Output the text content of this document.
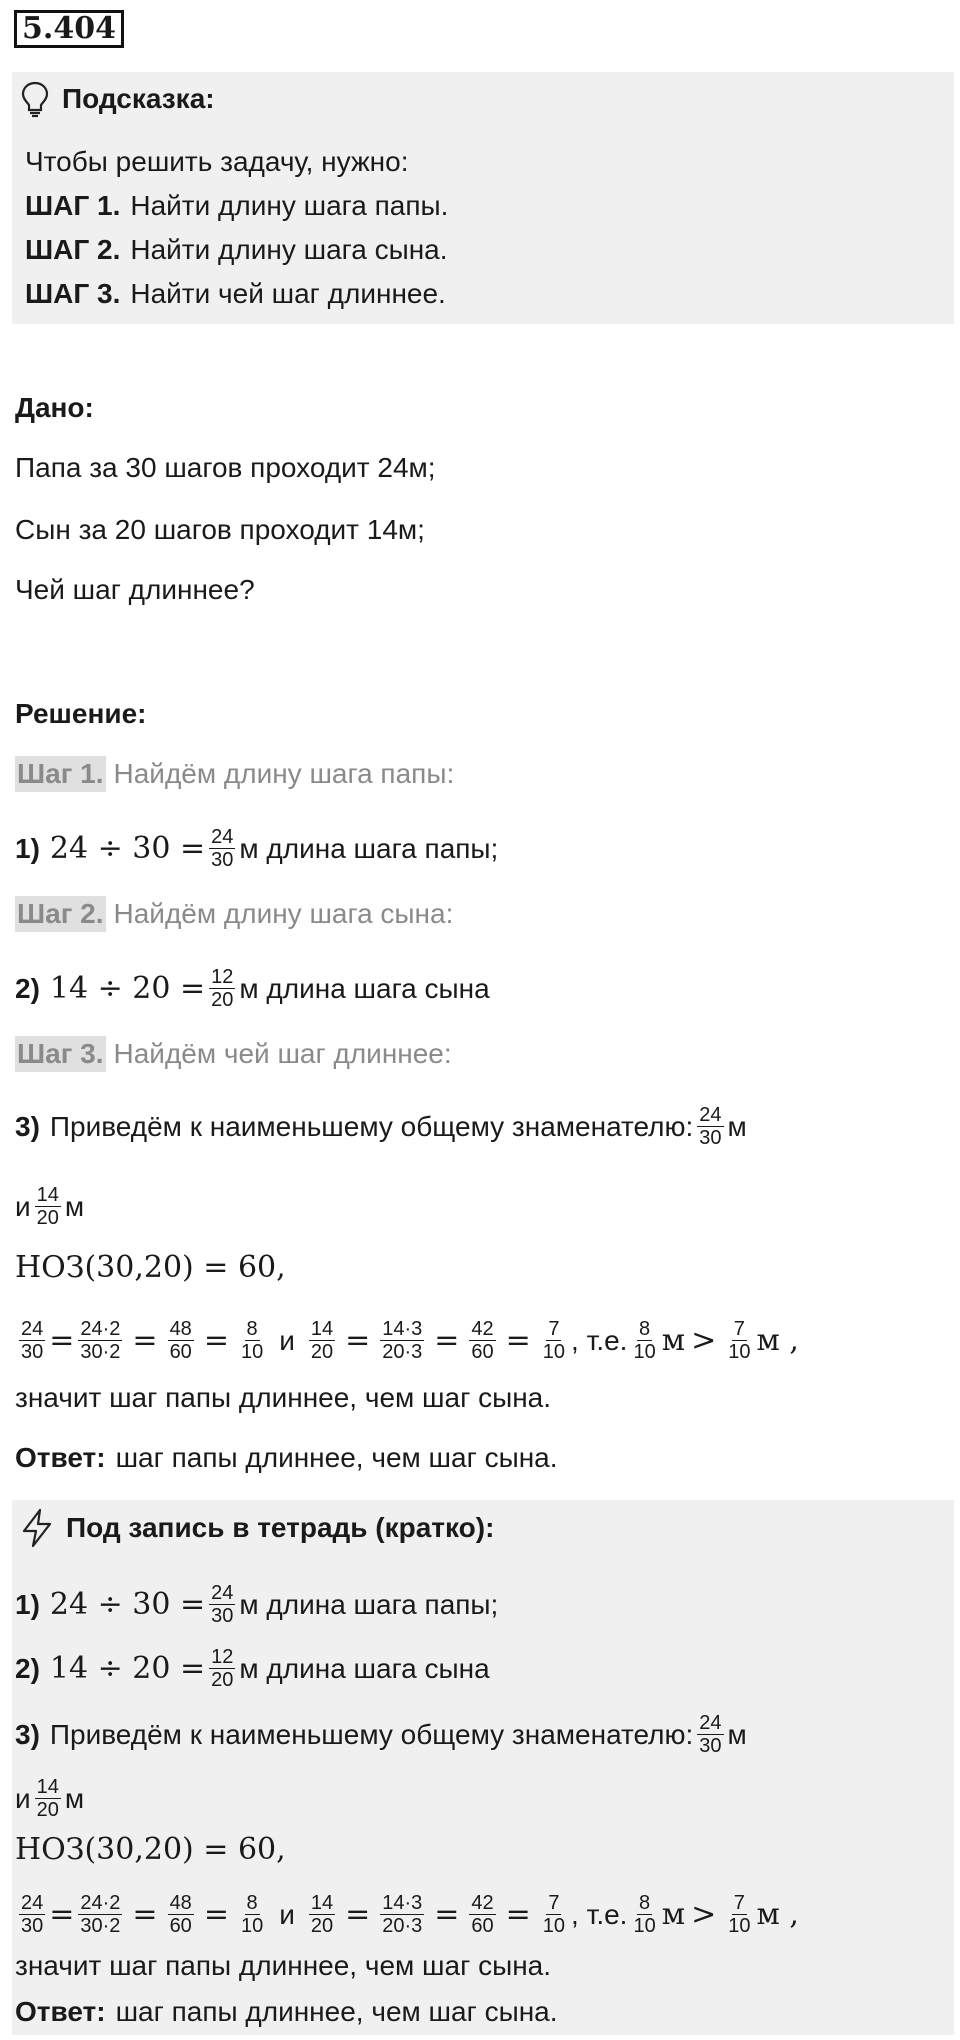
5.404
Подсказка:
Чтобы решить задачу, нужно:
ШАГ 1. Найти длину шага папы.
ШАГ 2. Найти длину шага сына.
ШАГ 3. Найти чей шаг длиннее.
Дано:
Папа за 30 шагов проходит 24м;
Сын за 20 шагов проходит 14м;
Чей шаг длиннее?
Решение:
Шаг 1. Найдём длину шага папы:
1) $24 \div 30 = \frac{24}{30}$ м длина шага папы;
Шаг 2. Найдём длину шага сына:
2) $14 \div 20 = \frac{12}{20}$ м длина шага сына
Шаг 3. Найдём чей шаг длиннее:
3) Приведём к наименьшему общему знаменателю: $\frac{24}{30}$ м
и $\frac{14}{20}$ м
НОЗ(30,20) = 60,
$\frac{24}{30} = \frac{24\cdot 2}{30\cdot 2} = \frac{48}{60} = \frac{8}{10}$ и $\frac{14}{20} = \frac{14\cdot 3}{20\cdot 3} = \frac{42}{60} = \frac{7}{10}$ , т.е. $\frac{8}{10}$ $м > \frac{7}{10}$ м ,
значит шаг папы длиннее, чем шаг сына.
Ответ: шаг папы длиннее, чем шаг сына.
Под запись в тетрадь (кратко):
1) $24 \div 30 = \frac{24}{30}$ м длина шага папы;
2) $14 \div 20 = \frac{12}{20}$ м длина шага сына
3) Приведём к наименьшему общему знаменателю: $\frac{24}{30}$ м
и $\frac{14}{20}$ м
НОЗ(30,20) = 60,
$\frac{24}{30} = \frac{24\cdot 2}{30\cdot 2} = \frac{48}{60} = \frac{8}{10}$ и $\frac{14}{20} = \frac{14\cdot 3}{20\cdot 3} = \frac{42}{60} = \frac{7}{10}$ , т.е. $\frac{8}{10}$ $м > \frac{7}{10}$ м ,
значит шаг папы длиннее, чем шаг сына.
Ответ: шаг папы длиннее, чем шаг сына.
